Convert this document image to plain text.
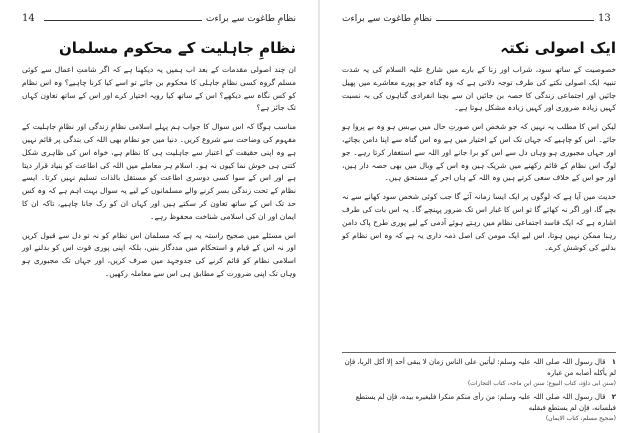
14	نظامِ طاغوت سے براءت

نظامِ جاہلیت کے محکوم مسلمان

ان چند اصولی مقدمات کے بعد اب ہمیں یہ دیکھنا ہے کہ اگر شامتِ اعمال سے کوئی مسلم گروہ کسی نظامِ جاہلی کا محکوم بن جائے تو اسے کیا کرنا چاہیے؟ وہ اس نظام کو کس نگاہ سے دیکھے؟ اس کے ساتھ کیا رویہ اختیار کرے اور اس کے ساتھ تعاون کہاں تک جائز ہے؟

مناسب ہوگا کہ اس سوال کا جواب ہم پہلے اسلامی نظامِ زندگی اور نظامِ جاہلیت کے مفہوم کی وضاحت سے شروع کریں۔ دنیا میں جو نظام بھی اللہ کی بندگی پر قائم نہیں ہے وہ اپنی حقیقت کے اعتبار سے جاہلیت ہی کا نظام ہے، خواہ اس کی ظاہری شکل کتنی ہی خوش نما کیوں نہ ہو۔ اسلام ہر معاملے میں اللہ کی اطاعت کو بنیاد قرار دیتا ہے اور اس کے سوا کسی دوسری اطاعت کو مستقل بالذات تسلیم نہیں کرتا۔ ایسے نظام کے تحت زندگی بسر کرنے والے مسلمانوں کے لیے یہ سوال بہت اہم ہے کہ وہ کس حد تک اس کے ساتھ تعاون کر سکتے ہیں اور کہاں ان کو رک جانا چاہیے، تاکہ ان کا ایمان اور ان کی اسلامی شناخت محفوظ رہے۔

اس مسئلے میں صحیح راستہ یہ ہے کہ مسلمان اس نظام کو نہ تو دل سے قبول کریں اور نہ اس کے قیام و استحکام میں مددگار بنیں، بلکہ اپنی پوری قوت اس کو بدلنے اور اسلامی نظام کو قائم کرنے کی جدوجہد میں صرف کریں، اور جہاں تک مجبوری ہو وہاں تک اپنی ضرورت کے مطابق ہی اس سے معاملہ رکھیں۔

نظامِ طاغوت سے براءت	13

ایک اصولی نکتہ

خصوصیت کے ساتھ سود، شراب اور زنا کے بارے میں شارع علیہ السلام کی یہ شدت تنبیہ ایک اصولی نکتے کی طرف توجہ دلاتی ہے کہ وہ گناہ جو پورے معاشرے میں پھیل جائیں اور اجتماعی زندگی کا حصہ بن جائیں ان سے بچنا انفرادی گناہوں کی بہ نسبت کہیں زیادہ ضروری اور کہیں زیادہ مشکل ہوتا ہے۔

لیکن اس کا مطلب یہ نہیں کہ جو شخص اس صورتِ حال میں بےبس ہو وہ بے پروا ہو جائے۔ اس کو چاہیے کہ جہاں تک اس کے اختیار میں ہے وہ اس گناہ سے اپنا دامن بچائے، اور جہاں مجبوری ہو وہاں دل سے اس کو برا جانے اور اللہ سے استغفار کرتا رہے۔ جو لوگ اس نظام کے قائم رکھنے میں شریک ہیں وہ اس کے وبال میں بھی حصہ دار ہیں، اور جو اس کے خلاف سعی کرتے ہیں وہ اللہ کے ہاں اجر کے مستحق ہیں۔

حدیث میں آیا ہے کہ لوگوں پر ایک ایسا زمانہ آئے گا جب کوئی شخص سود کھانے سے نہ بچے گا، اور اگر نہ کھائے گا تو اس کا غبار اس تک ضرور پہنچے گا۔ یہ اس بات کی طرف اشارہ ہے کہ ایک فاسد اجتماعی نظام میں رہتے ہوئے آدمی کے لیے پوری طرح پاک دامن رہنا ممکن نہیں ہوتا، اس لیے ایک مومن کی اصل ذمہ داری یہ ہے کہ وہ اس نظام کو بدلنے کی کوشش کرے۔

۱ قال رسول اللہ صلی اللہ علیہ وسلم: ليأتين على الناس زمان لا يبقى أحد إلا أكل الربا، فإن لم يأكله أصابه من غباره

(سنن ابی داؤد، کتاب البیوع؛ سنن ابن ماجہ، کتاب التجارات)

۲ قال رسول اللہ صلی اللہ علیہ وسلم: من رأى منكم منكرا فليغيره بيده، فإن لم يستطع فبلسانه، فإن لم يستطع فبقلبه

(صحیح مسلم، کتاب الایمان)
